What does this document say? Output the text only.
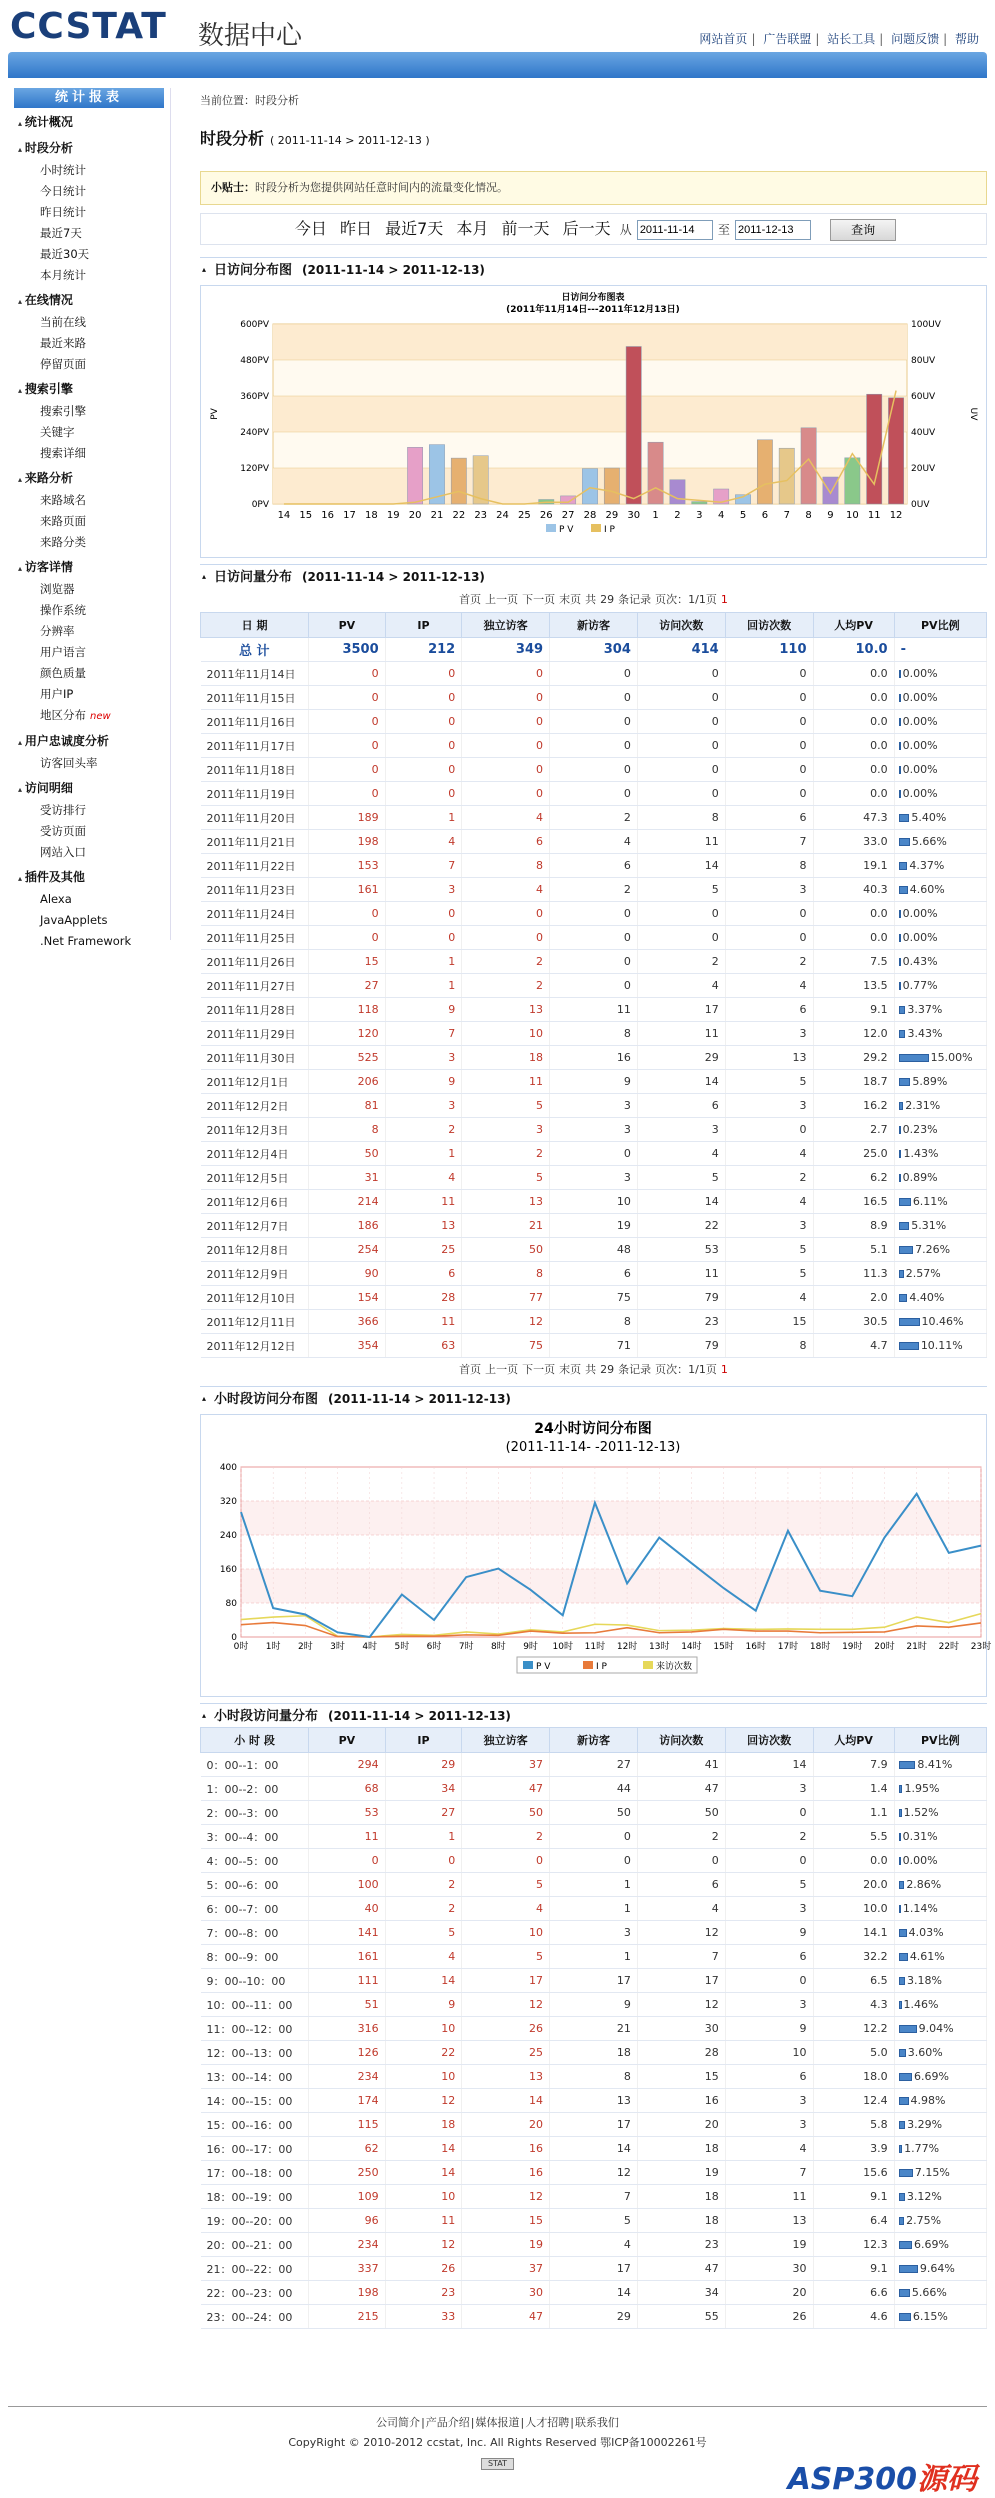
CCSTAT 数据中心	网站首页 | 广告联盟 | 站长工具 | 问题反馈 | 帮助
统计报表
▴ 统计概况
▴ 时段分析
小时统计
今日统计
昨日统计
最近7天
最近30天
本月统计
▴ 在线情况
当前在线
最近来路
停留页面
▴ 搜索引擎
搜索引擎
关键字
搜索详细
▴ 来路分析
来路域名
来路页面
来路分类
▴ 访客详情
浏览器
操作系统
分辨率
用户语言
颜色质量
用户IP
地区分布 new
▴ 用户忠诚度分析
访客回头率
▴ 访问明细
受访排行
受访页面
网站入口
▴ 插件及其他
Alexa
JavaApplets
.Net Framework
当前位置：时段分析
时段分析 ( 2011-11-14 > 2011-12-13 )
小贴士：时段分析为您提供网站任意时间内的流量变化情况。
今日 昨日 最近7天 本月 前一天 后一天 从 2011-11-14	至 2011-12-13	查询
▴ 日访问分布图 (2011-11-14 > 2011-12-13)
日访问分布图表
(2011年11月14日---2011年12月13日)
0PV
120PV
240PV
360PV
480PV
600PV
0UV
20UV
40UV
60UV
80UV
100UV
PV	UV
14 15 16 17 18 19 20 21 22 23 24 25 26 27 28 29 30 1 2 3 4 5 6 7 8 9 10 11 12
P V	I P
▴ 日访问量分布 (2011-11-14 > 2011-12-13)
首页 上一页 下一页 末页 共 29 条记录 页次：1/1页 1
日 期	PV	IP	独立访客	新访客	访问次数	回访次数	人均PV	PV比例
总 计	3500	212	349	304	414	110	10.0	-
2011年11月14日	0	0	0	0	0	0	0.0	0.00%
2011年11月15日	0	0	0	0	0	0	0.0	0.00%
2011年11月16日	0	0	0	0	0	0	0.0	0.00%
2011年11月17日	0	0	0	0	0	0	0.0	0.00%
2011年11月18日	0	0	0	0	0	0	0.0	0.00%
2011年11月19日	0	0	0	0	0	0	0.0	0.00%
2011年11月20日	189	1	4	2	8	6	47.3	5.40%
2011年11月21日	198	4	6	4	11	7	33.0	5.66%
2011年11月22日	153	7	8	6	14	8	19.1	4.37%
2011年11月23日	161	3	4	2	5	3	40.3	4.60%
2011年11月24日	0	0	0	0	0	0	0.0	0.00%
2011年11月25日	0	0	0	0	0	0	0.0	0.00%
2011年11月26日	15	1	2	0	2	2	7.5	0.43%
2011年11月27日	27	1	2	0	4	4	13.5	0.77%
2011年11月28日	118	9	13	11	17	6	9.1	3.37%
2011年11月29日	120	7	10	8	11	3	12.0	3.43%
2011年11月30日	525	3	18	16	29	13	29.2	15.00%
2011年12月1日	206	9	11	9	14	5	18.7	5.89%
2011年12月2日	81	3	5	3	6	3	16.2	2.31%
2011年12月3日	8	2	3	3	3	0	2.7	0.23%
2011年12月4日	50	1	2	0	4	4	25.0	1.43%
2011年12月5日	31	4	5	3	5	2	6.2	0.89%
2011年12月6日	214	11	13	10	14	4	16.5	6.11%
2011年12月7日	186	13	21	19	22	3	8.9	5.31%
2011年12月8日	254	25	50	48	53	5	5.1	7.26%
2011年12月9日	90	6	8	6	11	5	11.3	2.57%
2011年12月10日	154	28	77	75	79	4	2.0	4.40%
2011年12月11日	366	11	12	8	23	15	30.5	10.46%
2011年12月12日	354	63	75	71	79	8	4.7	10.11%
首页 上一页 下一页 末页 共 29 条记录 页次：1/1页 1
▴ 小时段访问分布图 (2011-11-14 > 2011-12-13)
24小时访问分布图
(2011-11-14- -2011-12-13)
0
80
160
240
320
400
0时 1时 2时 3时 4时 5时 6时 7时 8时 9时 10时 11时 12时 13时 14时 15时 16时 17时 18时 19时 20时 21时 22时 23时
P V	I P	来访次数
▴ 小时段访问量分布 (2011-11-14 > 2011-12-13)
小 时 段	PV	IP	独立访客	新访客	访问次数	回访次数	人均PV	PV比例
0：00--1：00	294	29	37	27	41	14	7.9	8.41%
1：00--2：00	68	34	47	44	47	3	1.4	1.95%
2：00--3：00	53	27	50	50	50	0	1.1	1.52%
3：00--4：00	11	1	2	0	2	2	5.5	0.31%
4：00--5：00	0	0	0	0	0	0	0.0	0.00%
5：00--6：00	100	2	5	1	6	5	20.0	2.86%
6：00--7：00	40	2	4	1	4	3	10.0	1.14%
7：00--8：00	141	5	10	3	12	9	14.1	4.03%
8：00--9：00	161	4	5	1	7	6	32.2	4.61%
9：00--10：00	111	14	17	17	17	0	6.5	3.18%
10：00--11：00	51	9	12	9	12	3	4.3	1.46%
11：00--12：00	316	10	26	21	30	9	12.2	9.04%
12：00--13：00	126	22	25	18	28	10	5.0	3.60%
13：00--14：00	234	10	13	8	15	6	18.0	6.69%
14：00--15：00	174	12	14	13	16	3	12.4	4.98%
15：00--16：00	115	18	20	17	20	3	5.8	3.29%
16：00--17：00	62	14	16	14	18	4	3.9	1.77%
17：00--18：00	250	14	16	12	19	7	15.6	7.15%
18：00--19：00	109	10	12	7	18	11	9.1	3.12%
19：00--20：00	96	11	15	5	18	13	6.4	2.75%
20：00--21：00	234	12	19	4	23	19	12.3	6.69%
21：00--22：00	337	26	37	17	47	30	9.1	9.64%
22：00--23：00	198	23	30	14	34	20	6.6	5.66%
23：00--24：00	215	33	47	29	55	26	4.6	6.15%
公司简介|产品介绍|媒体报道|人才招聘|联系我们
CopyRight © 2010-2012 ccstat, Inc. All Rights Reserved 鄂ICP备10002261号
STAT	ASP300源码
